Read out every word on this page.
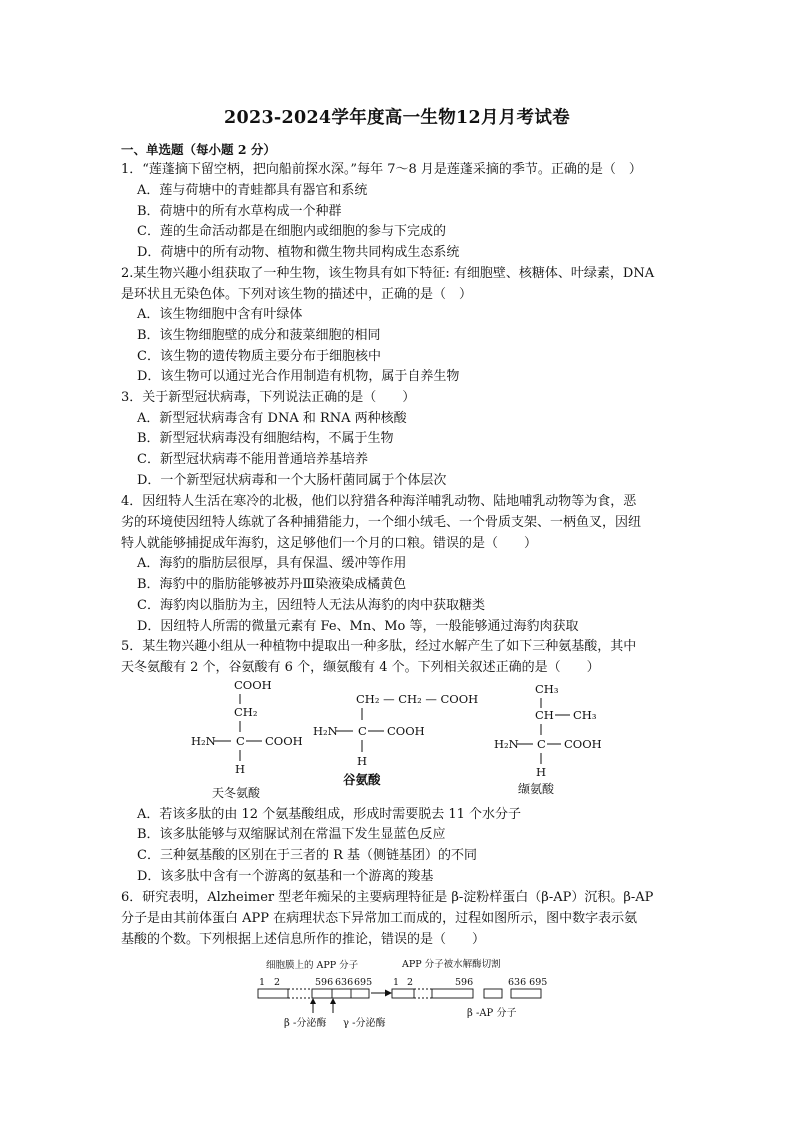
2023-2024学年度高一生物12月月考试卷
一、单选题（每小题 2 分）
1．“莲蓬摘下留空柄，把向船前探水深。”每年 7～8 月是莲蓬采摘的季节。正确的是（　）
A．莲与荷塘中的青蛙都具有器官和系统
B．荷塘中的所有水草构成一个种群
C．莲的生命活动都是在细胞内或细胞的参与下完成的
D．荷塘中的所有动物、植物和微生物共同构成生态系统
2.某生物兴趣小组获取了一种生物，该生物具有如下特征: 有细胞壁、核糖体、叶绿素，DNA
是环状且无染色体。下列对该生物的描述中，正确的是（　）
A．该生物细胞中含有叶绿体
B．该生物细胞壁的成分和菠菜细胞的相同
C．该生物的遗传物质主要分布于细胞核中
D．该生物可以通过光合作用制造有机物，属于自养生物
3．关于新型冠状病毒，下列说法正确的是（　　）
A．新型冠状病毒含有 DNA 和 RNA 两种核酸
B．新型冠状病毒没有细胞结构，不属于生物
C．新型冠状病毒不能用普通培养基培养
D．一个新型冠状病毒和一个大肠杆菌同属于个体层次
4．因纽特人生活在寒冷的北极，他们以狩猎各种海洋哺乳动物、陆地哺乳动物等为食，恶
劣的环境使因纽特人练就了各种捕猎能力，一个细小绒毛、一个骨质支架、一柄鱼叉，因纽
特人就能够捕捉成年海豹，这足够他们一个月的口粮。错误的是（　　）
A．海豹的脂肪层很厚，具有保温、缓冲等作用
B．海豹中的脂肪能够被苏丹Ⅲ染液染成橘黄色
C．海豹肉以脂肪为主，因纽特人无法从海豹的肉中获取糖类
D．因纽特人所需的微量元素有 Fe、Mn、Mo 等，一般能够通过海豹肉获取
5．某生物兴趣小组从一种植物中提取出一种多肽，经过水解产生了如下三种氨基酸，其中
天冬氨酸有 2 个，谷氨酸有 6 个，缬氨酸有 4 个。下列相关叙述正确的是（　　）
COOH
CH₂
H₂N C COOH
H
天冬氨酸
CH₂ — CH₂ — COOH
H₂N C COOH
H
谷氨酸
CH₃
CH CH₃
H₂N C COOH
H
缬氨酸
A．若该多肽的由 12 个氨基酸组成，形成时需要脱去 11 个水分子
B．该多肽能够与双缩脲试剂在常温下发生显蓝色反应
C．三种氨基酸的区别在于三者的 R 基（侧链基团）的不同
D．该多肽中含有一个游离的氨基和一个游离的羧基
6．研究表明，Alzheimer 型老年痴呆的主要病理特征是 β-淀粉样蛋白（β-AP）沉积。β-AP
分子是由其前体蛋白 APP 在病理状态下异常加工而成的，过程如图所示，图中数字表示氨
基酸的个数。下列根据上述信息所作的推论，错误的是（　　）
细胞膜上的 APP 分子	APP 分子被水解酶切割
1 2	596 636 695 1 2	596	636 695
β -分泌酶 γ -分泌酶
β -AP 分子
